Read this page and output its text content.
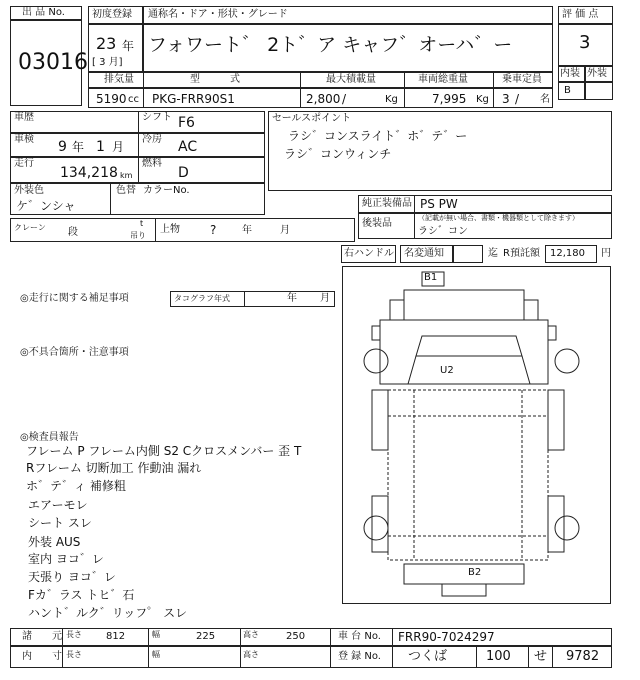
出 品 No.
03016
初度登録 通称名・ドア・形状・グレード
23 年
[ 3 月]
フォワート゛ 2ト゛ア キャフ゛オーハ゛ー
評 価 点
3
内装 外装
B
排気量	型　　　式	最大積載量	車両総重量	乗車定員
5190 cc PKG-FRR90S1	2,800 /	Kg	7,995 Kg 3 / 名
車歴	シフト F6
車検 9 年 1 月
冷房 AC
走行
134,218 km
燃料
D
外装色
ケ゛ンシャ
色替 カラーNo.
セールスポイント
ラシ゛コンスライト゛ホ゛テ゛ー
ラシ゛コンウィンチ
純正装備品 PS PW
後装品	（記載が無い場合、書類・機器類として除きます）
ラシ゛コン
クレーン 段
t
吊り
上物	?	年	月
右ハンドル 名変通知	迄 R預託額 12,180 円
◎走行に関する補足事項	タコグラフ年式	年 月
◎不具合箇所・注意事項
◎検査員報告
フレーム P フレーム内側 S2 Cクロスメンバー 歪 T
Rフレーム 切断加工 作動油 漏れ
ホ゛テ゛ィ 補修粗
エアーモレ
シート スレ
外装 AUS
室内 ヨコ゛レ
天張り ヨコ゛レ
Fカ゛ラス トヒ゛石
ハント゛ルク゛リッフ゜ スレ
B1
U2
B2
諸　　元 長さ 812	幅	225	高さ	250	車 台 No. FRR90-7024297
内　　寸 長さ	幅	高さ	登 録 No. つくば	100 せ 9782
